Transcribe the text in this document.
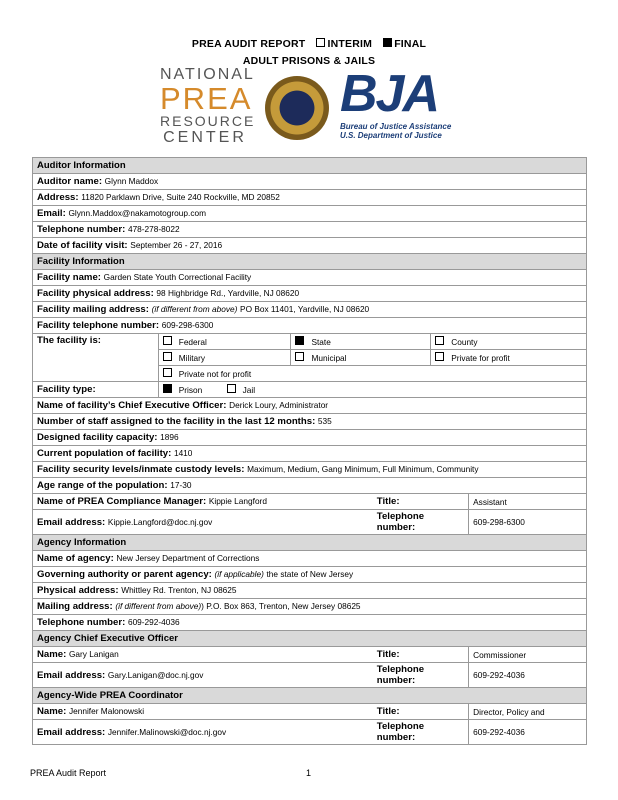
PREA AUDIT REPORT INTERIM FINAL
ADULT PRISONS & JAILS
NATIONAL
PREA
RESOURCE
CENTER
BJA
Bureau of Justice Assistance
U.S. Department of Justice
Auditor Information					
Auditor name: Glynn Maddox					
Address: 11820 Parklawn Drive, Suite 240 Rockville, MD 20852					
Email: Glynn.Maddox@nakamotogroup.com					
Telephone number: 478-278-8022					
Date of facility visit: September 26 - 27, 2016					
Facility Information					
Facility name: Garden State Youth Correctional Facility					
Facility physical address: 98 Highbridge Rd., Yardville, NJ 08620					
Facility mailing address: (if different from above) PO Box 11401, Yardville, NJ 08620					
Facility telephone number: 609-298-6300					
The facility is:	Federal	State		County	
	Military	Municipal		Private for profit	
	Private not for profit				
Facility type:	Prison Jail				
Name of facility’s Chief Executive Officer: Derick Loury, Administrator					
Number of staff assigned to the facility in the last 12 months: 535					
Designed facility capacity: 1896					
Current population of facility: 1410					
Facility security levels/inmate custody levels: Maximum, Medium, Gang Minimum, Full Minimum, Community					
Age range of the population: 17-30					
Name of PREA Compliance Manager: Kippie Langford			Title:		Assistant
Email address: Kippie.Langford@doc.nj.gov			Telephone number:		609-298-6300
Agency Information					
Name of agency: New Jersey Department of Corrections					
Governing authority or parent agency: (if applicable) the state of New Jersey					
Physical address: Whittley Rd. Trenton, NJ 08625					
Mailing address: (if different from above)) P.O. Box 863, Trenton, New Jersey 08625					
Telephone number: 609-292-4036					
Agency Chief Executive Officer					
Name: Gary Lanigan			Title:		Commissioner
Email address: Gary.Lanigan@doc.nj.gov			Telephone number:		609-292-4036
Agency-Wide PREA Coordinator					
Name: Jennifer Malonowski			Title:		Director, Policy and
Email address: Jennifer.Malinowski@doc.nj.gov			Telephone number:		609-292-4036
PREA Audit Report	1
